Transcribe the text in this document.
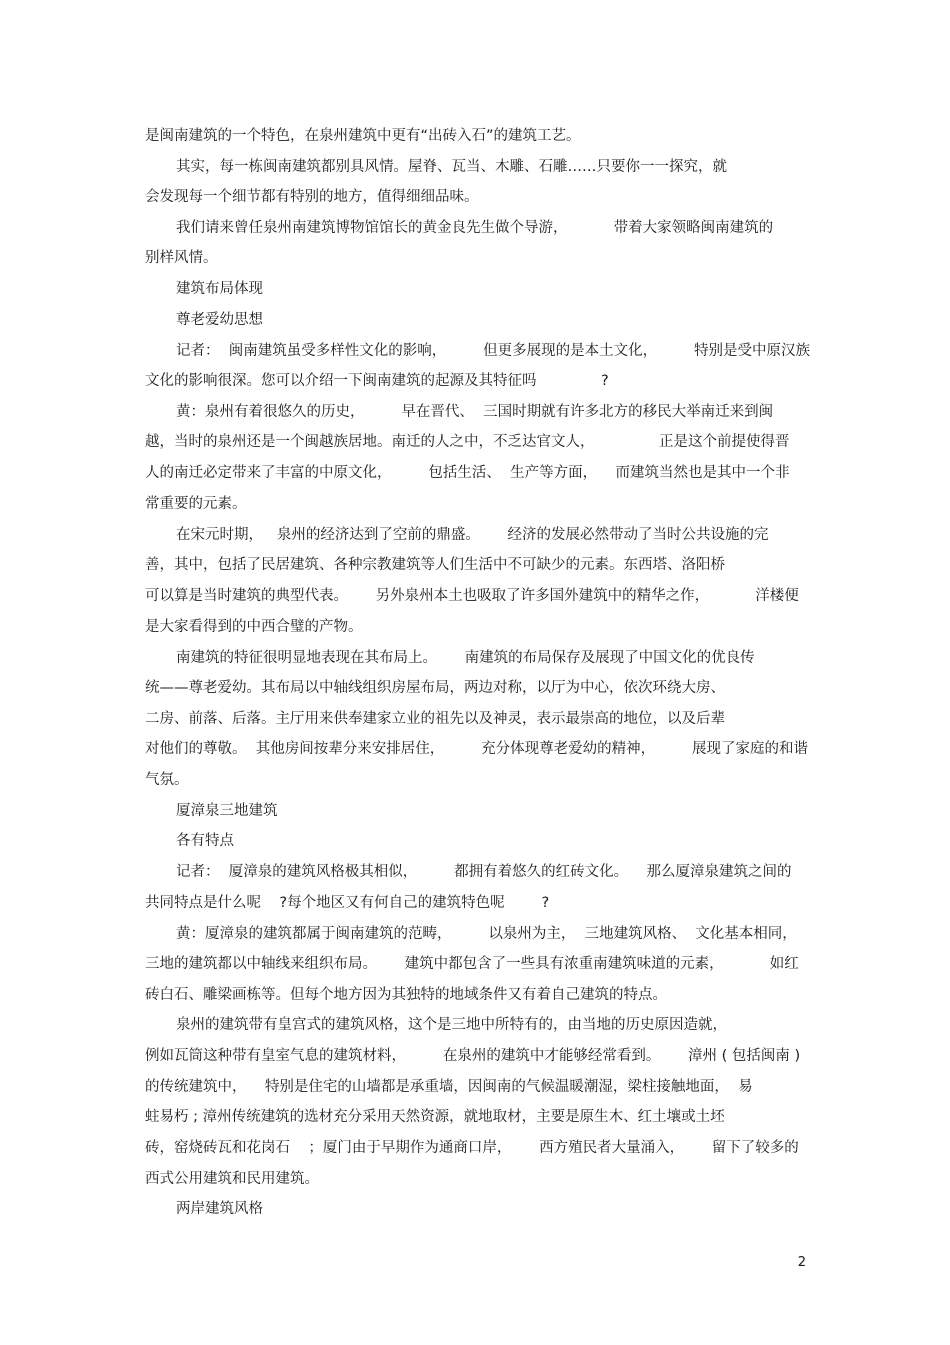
是闽南建筑的一个特色，在泉州建筑中更有“出砖入石”的建筑工艺。
其实，每一栋闽南建筑都别具风情。屋脊、瓦当、木雕、石雕……只要你一一探究，就
会发现每一个细节都有特别的地方，值得细细品味。
我们请来曾任泉州南建筑博物馆馆长的黄金良先生做个导游，          带着大家领略闽南建筑的
别样风情。
建筑布局体现
尊老爱幼思想
记者：  闽南建筑虽受多样性文化的影响，        但更多展现的是本土文化，        特别是受中原汉族
文化的影响很深。您可以介绍一下闽南建筑的起源及其特征吗              ?
黄：泉州有着很悠久的历史，        早在晋代、  三国时期就有许多北方的移民大举南迁来到闽
越，当时的泉州还是一个闽越族居地。南迁的人之中，不乏达官文人，              正是这个前提使得晋
人的南迁必定带来了丰富的中原文化，        包括生活、  生产等方面，    而建筑当然也是其中一个非
常重要的元素。
在宋元时期，   泉州的经济达到了空前的鼎盛。      经济的发展必然带动了当时公共设施的完
善，其中，包括了民居建筑、各种宗教建筑等人们生活中不可缺少的元素。东西塔、洛阳桥
可以算是当时建筑的典型代表。      另外泉州本土也吸取了许多国外建筑中的精华之作，          洋楼便
是大家看得到的中西合璧的产物。
南建筑的特征很明显地表现在其布局上。      南建筑的布局保存及展现了中国文化的优良传
统——尊老爱幼。其布局以中轴线组织房屋布局，两边对称，以厅为中心，依次环绕大房、
二房、前落、后落。主厅用来供奉建家立业的祖先以及神灵，表示最崇高的地位，以及后辈
对他们的尊敬。  其他房间按辈分来安排居住，        充分体现尊老爱幼的精神，        展现了家庭的和谐
气氛。
厦漳泉三地建筑
各有特点
记者：  厦漳泉的建筑风格极其相似，        都拥有着悠久的红砖文化。    那么厦漳泉建筑之间的
共同特点是什么呢    ?每个地区又有何自己的建筑特色呢        ?
黄：厦漳泉的建筑都属于闽南建筑的范畴，        以泉州为主，  三地建筑风格、  文化基本相同，
三地的建筑都以中轴线来组织布局。      建筑中都包含了一些具有浓重南建筑味道的元素，          如红
砖白石、雕梁画栋等。但每个地方因为其独特的地域条件又有着自己建筑的特点。
泉州的建筑带有皇宫式的建筑风格，这个是三地中所特有的，由当地的历史原因造就，
例如瓦筒这种带有皇室气息的建筑材料，        在泉州的建筑中才能够经常看到。      漳州 ( 包括闽南 )
的传统建筑中，    特别是住宅的山墙都是承重墙，因闽南的气候温暖潮湿，梁柱接触地面，  易
蛀易朽 ; 漳州传统建筑的选材充分采用天然资源，就地取材，主要是原生木、红土壤或土坯
砖，窑烧砖瓦和花岗石    ；厦门由于早期作为通商口岸，      西方殖民者大量涌入，      留下了较多的
西式公用建筑和民用建筑。
两岸建筑风格
2
